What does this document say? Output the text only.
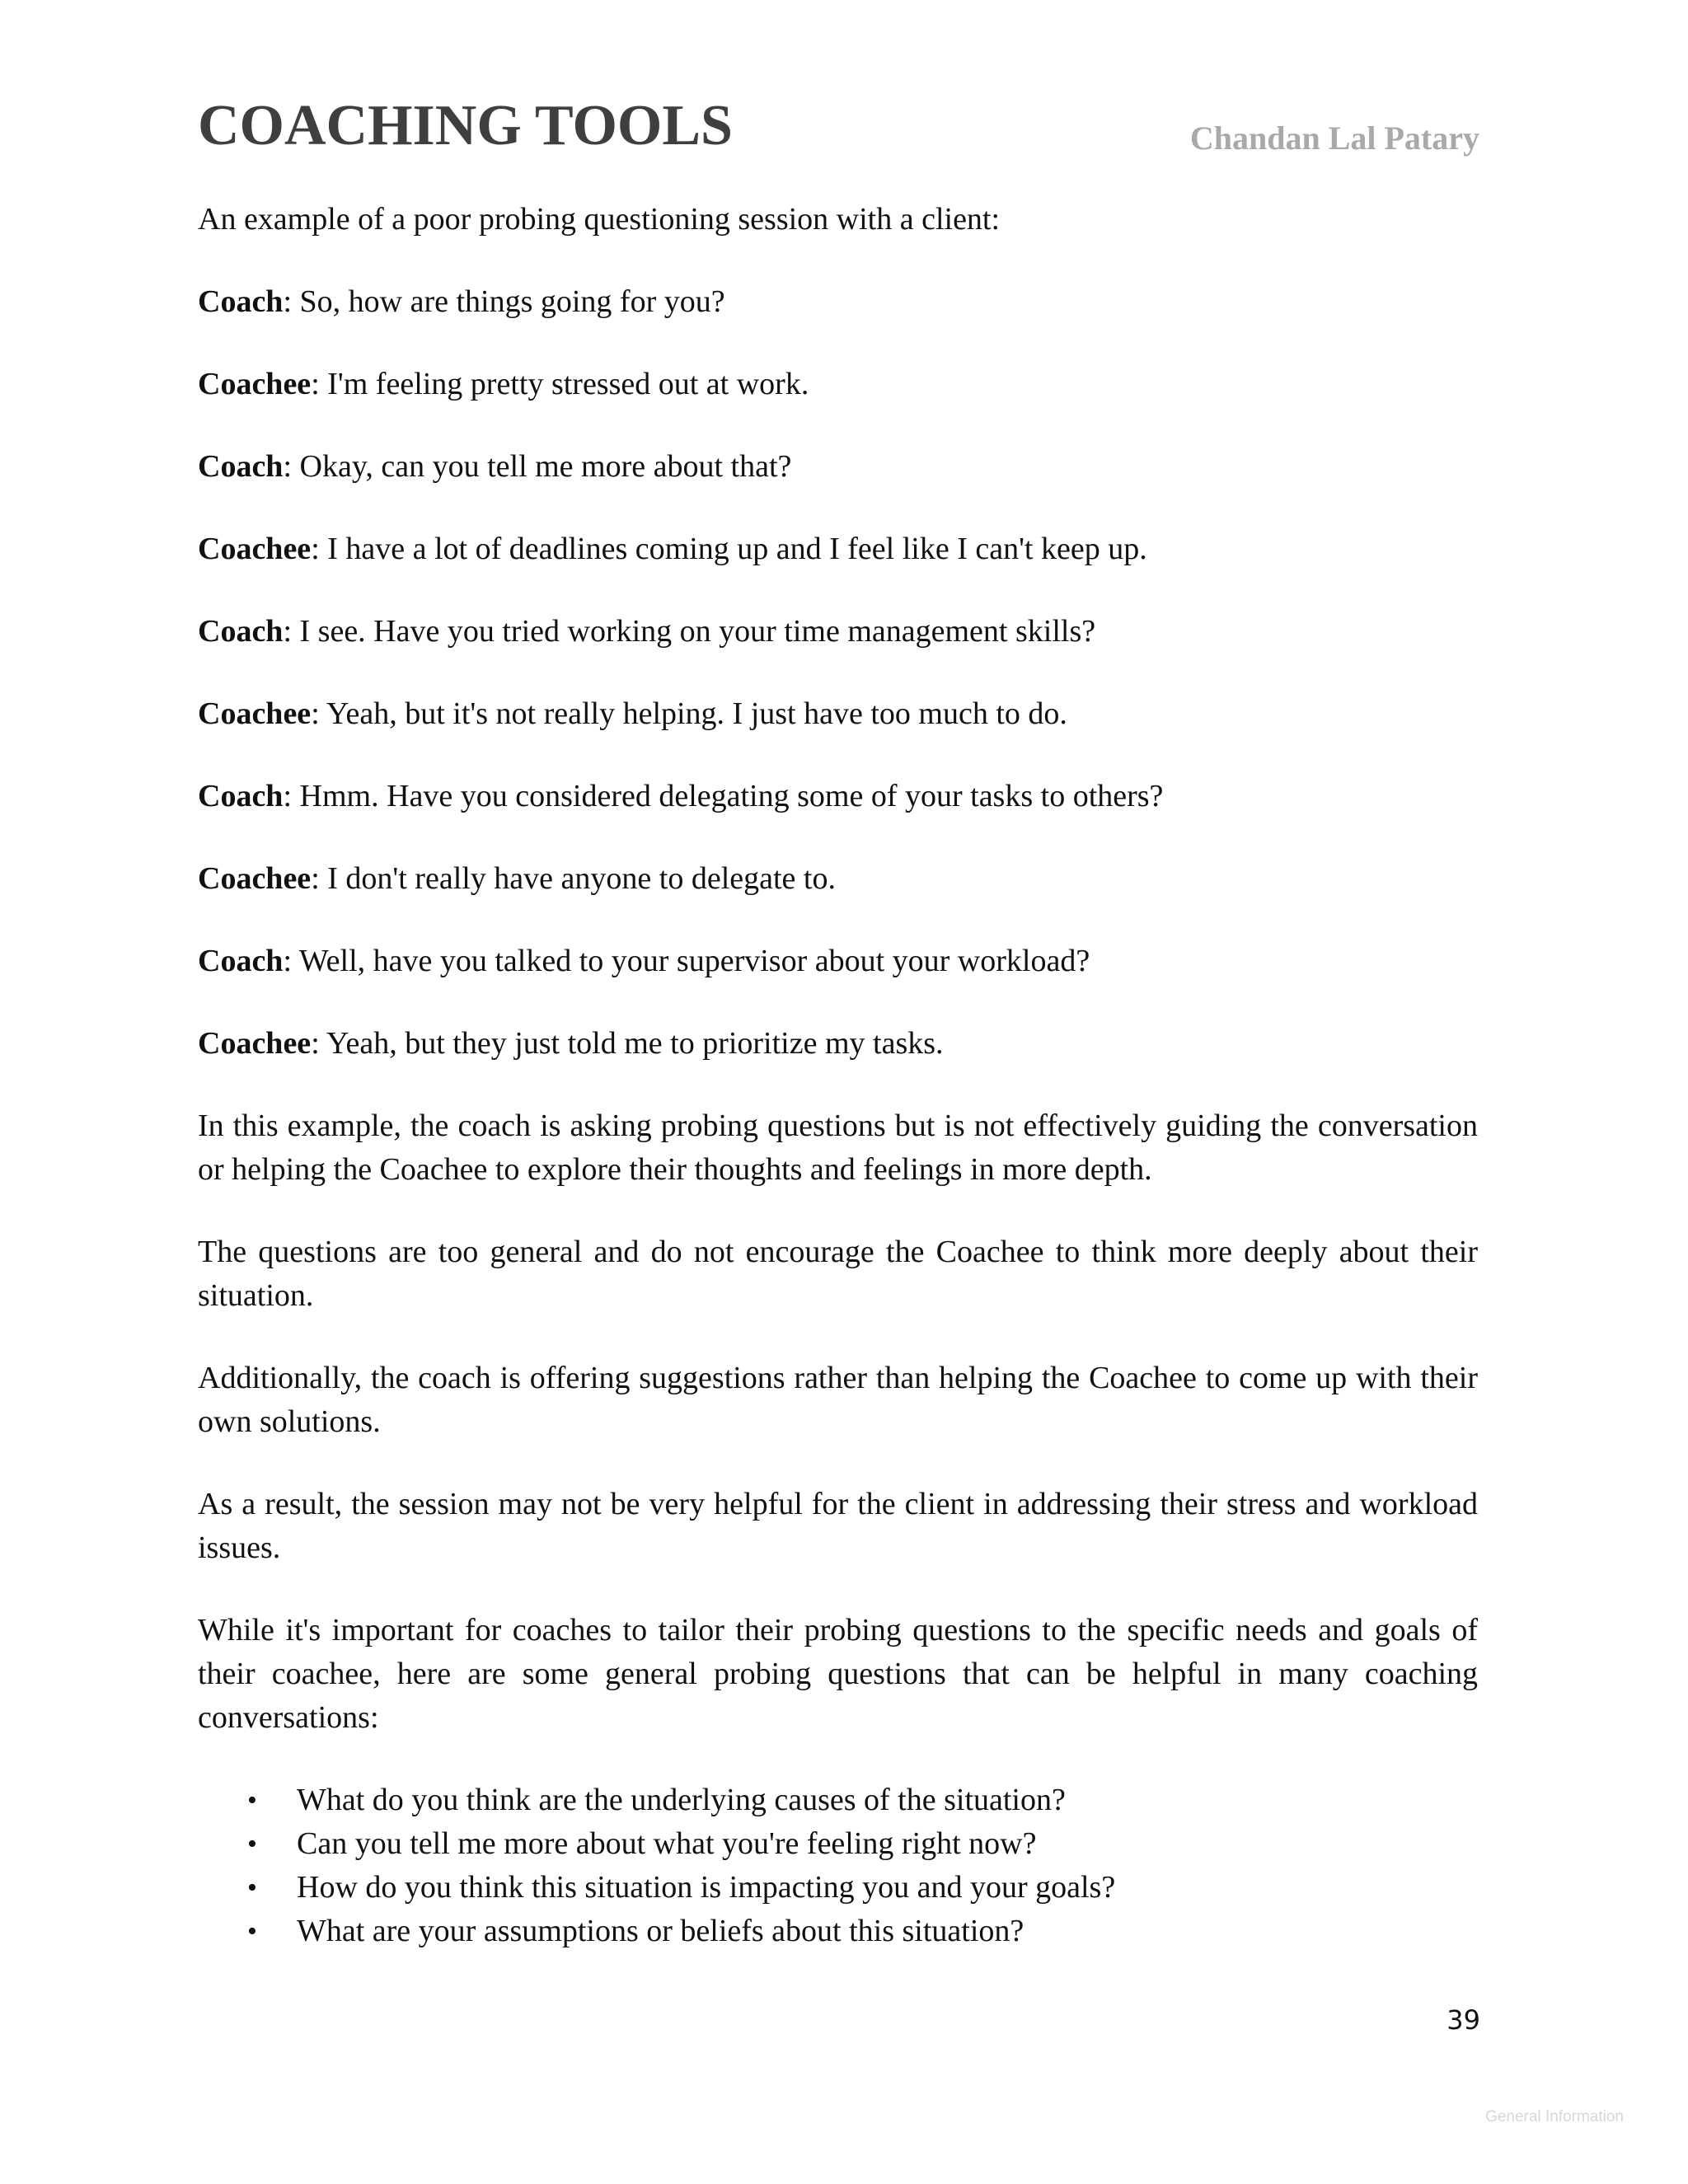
COACHING TOOLS	Chandan Lal Patary

An example of a poor probing questioning session with a client:

Coach: So, how are things going for you?

Coachee: I'm feeling pretty stressed out at work.

Coach: Okay, can you tell me more about that?

Coachee: I have a lot of deadlines coming up and I feel like I can't keep up.

Coach: I see. Have you tried working on your time management skills?

Coachee: Yeah, but it's not really helping. I just have too much to do.

Coach: Hmm. Have you considered delegating some of your tasks to others?

Coachee: I don't really have anyone to delegate to.

Coach: Well, have you talked to your supervisor about your workload?

Coachee: Yeah, but they just told me to prioritize my tasks.

In this example, the coach is asking probing questions but is not effectively guiding the conversation or helping the Coachee to explore their thoughts and feelings in more depth.

The questions are too general and do not encourage the Coachee to think more deeply about their situation.

Additionally, the coach is offering suggestions rather than helping the Coachee to come up with their own solutions.

As a result, the session may not be very helpful for the client in addressing their stress and workload issues.

While it's important for coaches to tailor their probing questions to the specific needs and goals of their coachee, here are some general probing questions that can be helpful in many coaching conversations:

• What do you think are the underlying causes of the situation?
• Can you tell me more about what you're feeling right now?
• How do you think this situation is impacting you and your goals?
• What are your assumptions or beliefs about this situation?
39
General Information
